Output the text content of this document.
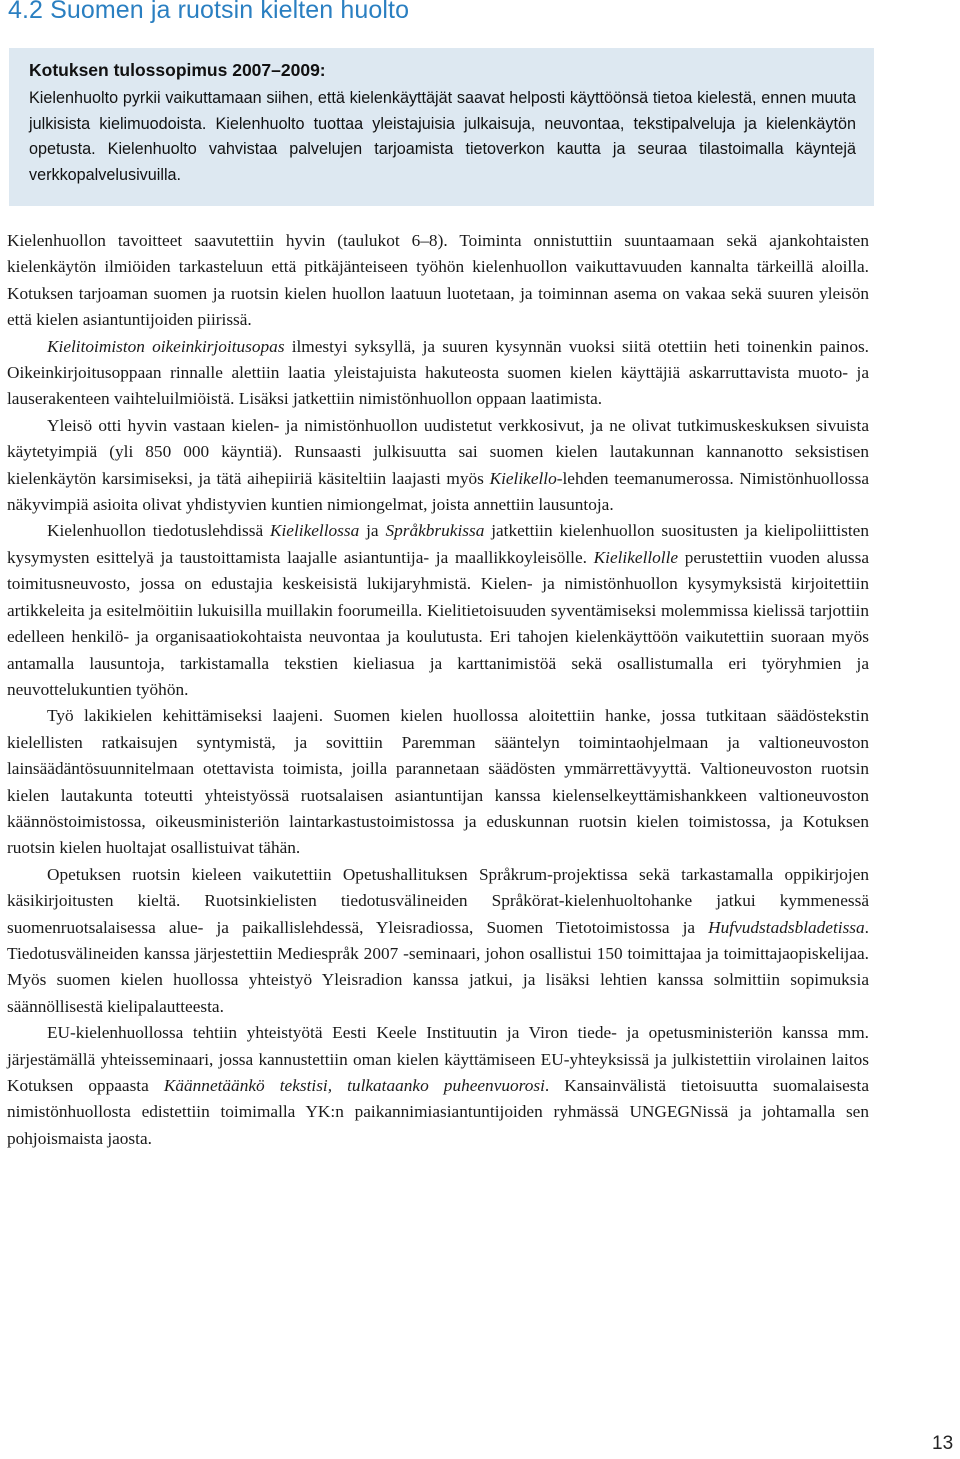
4.2 Suomen ja ruotsin kielten huolto

Kotuksen tulossopimus 2007–2009:

Kielenhuolto pyrkii vaikuttamaan siihen, että kielenkäyttäjät saavat helposti käyttöönsä tietoa kielestä, ennen muuta julkisista kielimuodoista. Kielenhuolto tuottaa yleistajuisia julkaisuja, neuvontaa, tekstipalveluja ja kielenkäytön opetusta. Kielenhuolto vahvistaa palvelujen tarjoamista tietoverkon kautta ja seuraa tilastoimalla käyntejä verkkopalvelusivuilla.

Kielenhuollon tavoitteet saavutettiin hyvin (taulukot 6–8). Toiminta onnistuttiin suuntaamaan sekä ajankohtaisten kielenkäytön ilmiöiden tarkasteluun että pitkäjänteiseen työhön kielenhuollon vaikuttavuuden kannalta tärkeillä aloilla. Kotuksen tarjoaman suomen ja ruotsin kielen huollon laatuun luotetaan, ja toiminnan asema on vakaa sekä suuren yleisön että kielen asiantuntijoiden piirissä.

Kielitoimiston oikeinkirjoitusopas ilmestyi syksyllä, ja suuren kysynnän vuoksi siitä otettiin heti toinenkin painos. Oikeinkirjoitusoppaan rinnalle alettiin laatia yleistajuista hakuteosta suomen kielen käyttäjiä askarruttavista muoto- ja lauserakenteen vaihteluilmiöistä. Lisäksi jatkettiin nimistönhuollon oppaan laatimista.

Yleisö otti hyvin vastaan kielen- ja nimistönhuollon uudistetut verkkosivut, ja ne olivat tutkimuskeskuksen sivuista käytetyimpiä (yli 850 000 käyntiä). Runsaasti julkisuutta sai suomen kielen lautakunnan kannanotto seksistisen kielenkäytön karsimiseksi, ja tätä aihepiiriä käsiteltiin laajasti myös Kielikello-lehden teemanumerossa. Nimistönhuollossa näkyvimpiä asioita olivat yhdistyvien kuntien nimiongelmat, joista annettiin lausuntoja.

Kielenhuollon tiedotuslehdissä Kielikellossa ja Språkbrukissa jatkettiin kielenhuollon suositusten ja kielipoliittisten kysymysten esittelyä ja taustoittamista laajalle asiantuntija- ja maallikkoyleisölle. Kielikellolle perustettiin vuoden alussa toimitusneuvosto, jossa on edustajia keskeisistä lukijaryhmistä. Kielen- ja nimistönhuollon kysymyksistä kirjoitettiin artikkeleita ja esitelmöitiin lukuisilla muillakin foorumeilla. Kielitietoisuuden syventämiseksi molemmissa kielissä tarjottiin edelleen henkilö- ja organisaatiokohtaista neuvontaa ja koulutusta. Eri tahojen kielenkäyttöön vaikutettiin suoraan myös antamalla lausuntoja, tarkistamalla tekstien kieliasua ja karttanimistöä sekä osallistumalla eri työryhmien ja neuvottelukuntien työhön.

Työ lakikielen kehittämiseksi laajeni. Suomen kielen huollossa aloitettiin hanke, jossa tutkitaan säädöstekstin kielellisten ratkaisujen syntymistä, ja sovittiin Paremman sääntelyn toimintaohjelmaan ja valtioneuvoston lainsäädäntösuunnitelmaan otettavista toimista, joilla parannetaan säädösten ymmärrettävyyttä. Valtioneuvoston ruotsin kielen lautakunta toteutti yhteistyössä ruotsalaisen asiantuntijan kanssa kielenselkeyttämishankkeen valtioneuvoston käännöstoimistossa, oikeusministeriön laintarkastustoimistossa ja eduskunnan ruotsin kielen toimistossa, ja Kotuksen ruotsin kielen huoltajat osallistuivat tähän.

Opetuksen ruotsin kieleen vaikutettiin Opetushallituksen Språkrum-projektissa sekä tarkastamalla oppikirjojen käsikirjoitusten kieltä. Ruotsinkielisten tiedotusvälineiden Språkörat-kielenhuoltohanke jatkui kymmenessä suomenruotsalaisessa alue- ja paikallislehdessä, Yleisradiossa, Suomen Tietotoimistossa ja Hufvudstadsbladetissa. Tiedotusvälineiden kanssa järjestettiin Mediespråk 2007 -seminaari, johon osallistui 150 toimittajaa ja toimittajaopiskelijaa. Myös suomen kielen huollossa yhteistyö Yleisradion kanssa jatkui, ja lisäksi lehtien kanssa solmittiin sopimuksia säännöllisestä kielipalautteesta.

EU-kielenhuollossa tehtiin yhteistyötä Eesti Keele Instituutin ja Viron tiede- ja opetusministeriön kanssa mm. järjestämällä yhteisseminaari, jossa kannustettiin oman kielen käyttämiseen EU-yhteyksissä ja julkistettiin virolainen laitos Kotuksen oppaasta Käännetäänkö tekstisi, tulkataanko puheenvuorosi. Kansainvälistä tietoisuutta suomalaisesta nimistönhuollosta edistettiin toimimalla YK:n paikannimiasiantuntijoiden ryhmässä UNGEGNissä ja johtamalla sen pohjoismaista jaosta.

13
